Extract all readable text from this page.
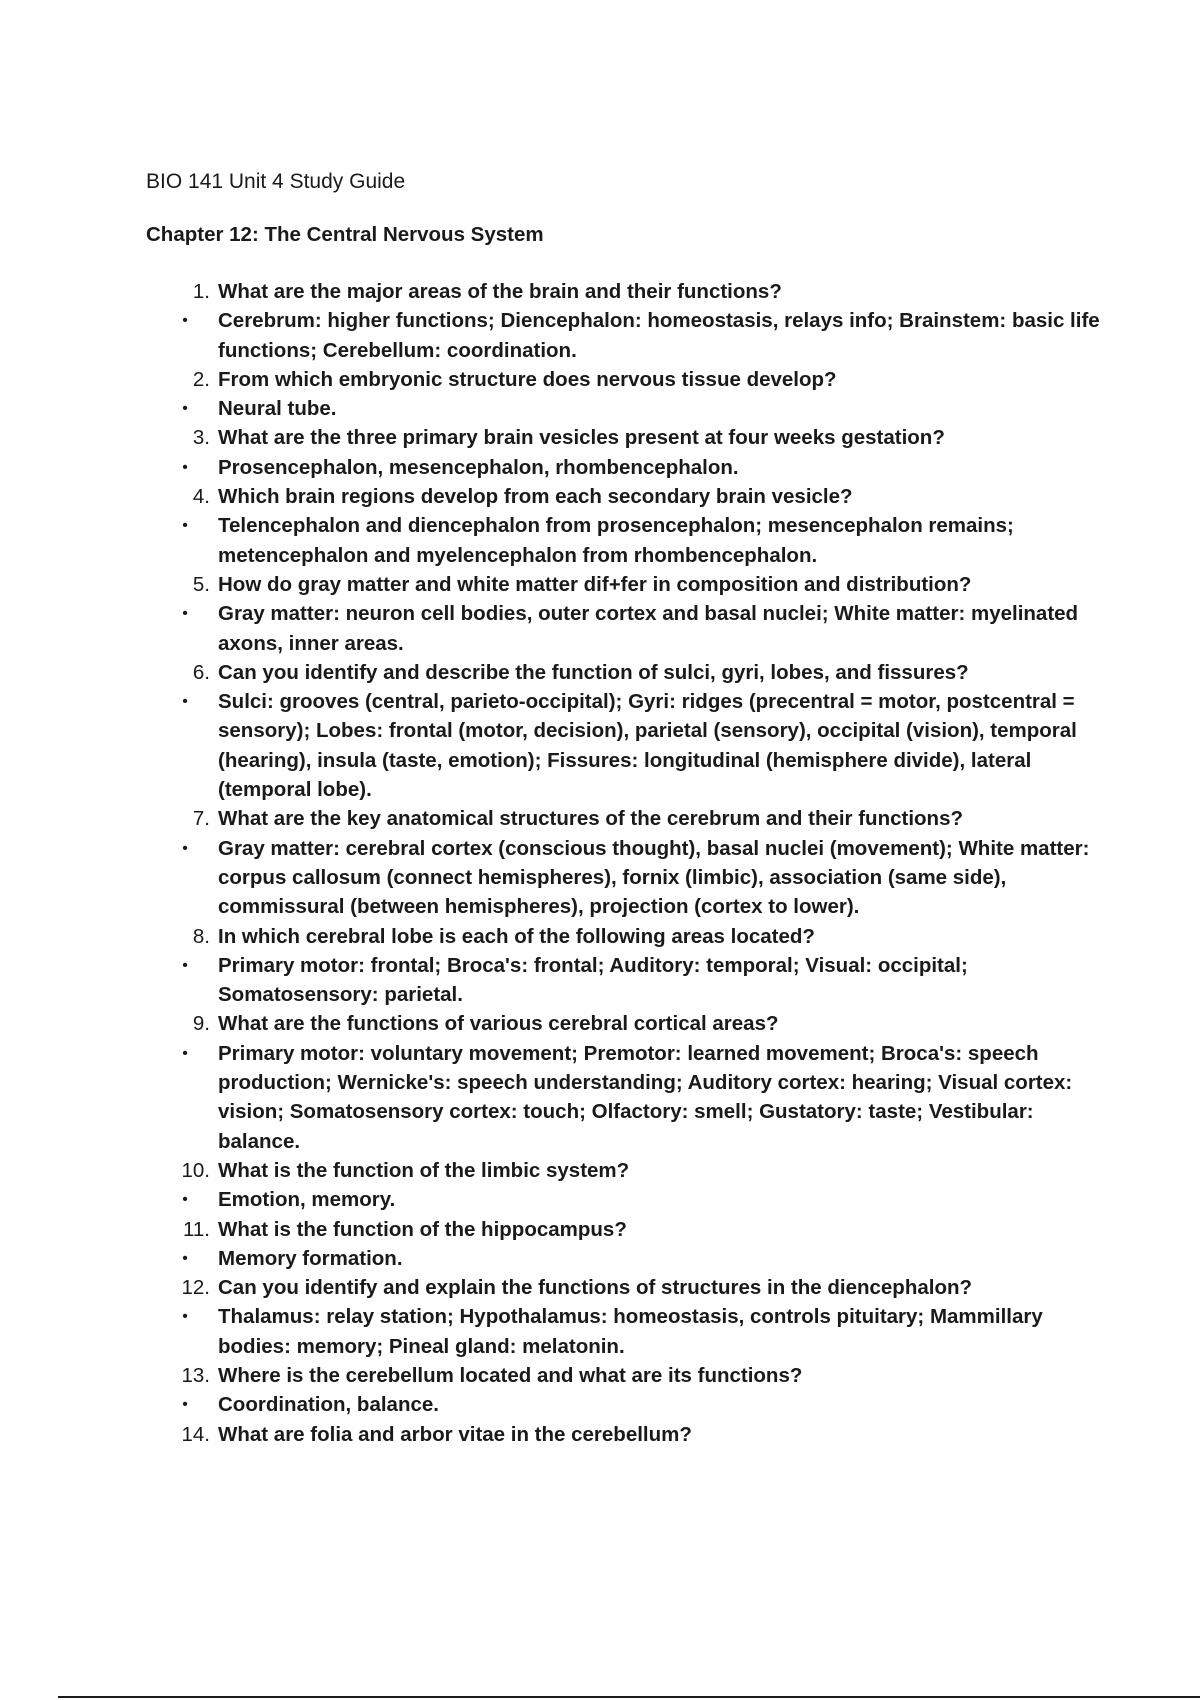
BIO 141 Unit 4 Study Guide
Chapter 12: The Central Nervous System
1. What are the major areas of the brain and their functions?
•	Cerebrum: higher functions; Diencephalon: homeostasis, relays info; Brainstem: basic life functions; Cerebellum: coordination.
2. From which embryonic structure does nervous tissue develop?
•	Neural tube.
3. What are the three primary brain vesicles present at four weeks gestation?
•	Prosencephalon, mesencephalon, rhombencephalon.
4. Which brain regions develop from each secondary brain vesicle?
•	Telencephalon and diencephalon from prosencephalon; mesencephalon remains; metencephalon and myelencephalon from rhombencephalon.
5. How do gray matter and white matter dif+fer in composition and distribution?
•	Gray matter: neuron cell bodies, outer cortex and basal nuclei; White matter: myelinated axons, inner areas.
6. Can you identify and describe the function of sulci, gyri, lobes, and fissures?
•	Sulci: grooves (central, parieto-occipital); Gyri: ridges (precentral = motor, postcentral = sensory); Lobes: frontal (motor, decision), parietal (sensory), occipital (vision), temporal (hearing), insula (taste, emotion); Fissures: longitudinal (hemisphere divide), lateral (temporal lobe).
7. What are the key anatomical structures of the cerebrum and their functions?
•	Gray matter: cerebral cortex (conscious thought), basal nuclei (movement); White matter: corpus callosum (connect hemispheres), fornix (limbic), association (same side), commissural (between hemispheres), projection (cortex to lower).
8. In which cerebral lobe is each of the following areas located?
•	Primary motor: frontal; Broca's: frontal; Auditory: temporal; Visual: occipital; Somatosensory: parietal.
9. What are the functions of various cerebral cortical areas?
•	Primary motor: voluntary movement; Premotor: learned movement; Broca's: speech production; Wernicke's: speech understanding; Auditory cortex: hearing; Visual cortex: vision; Somatosensory cortex: touch; Olfactory: smell; Gustatory: taste; Vestibular: balance.
10. What is the function of the limbic system?
•	Emotion, memory.
11. What is the function of the hippocampus?
•	Memory formation.
12. Can you identify and explain the functions of structures in the diencephalon?
•	Thalamus: relay station; Hypothalamus: homeostasis, controls pituitary; Mammillary bodies: memory; Pineal gland: melatonin.
13. Where is the cerebellum located and what are its functions?
•	Coordination, balance.
14. What are folia and arbor vitae in the cerebellum?
